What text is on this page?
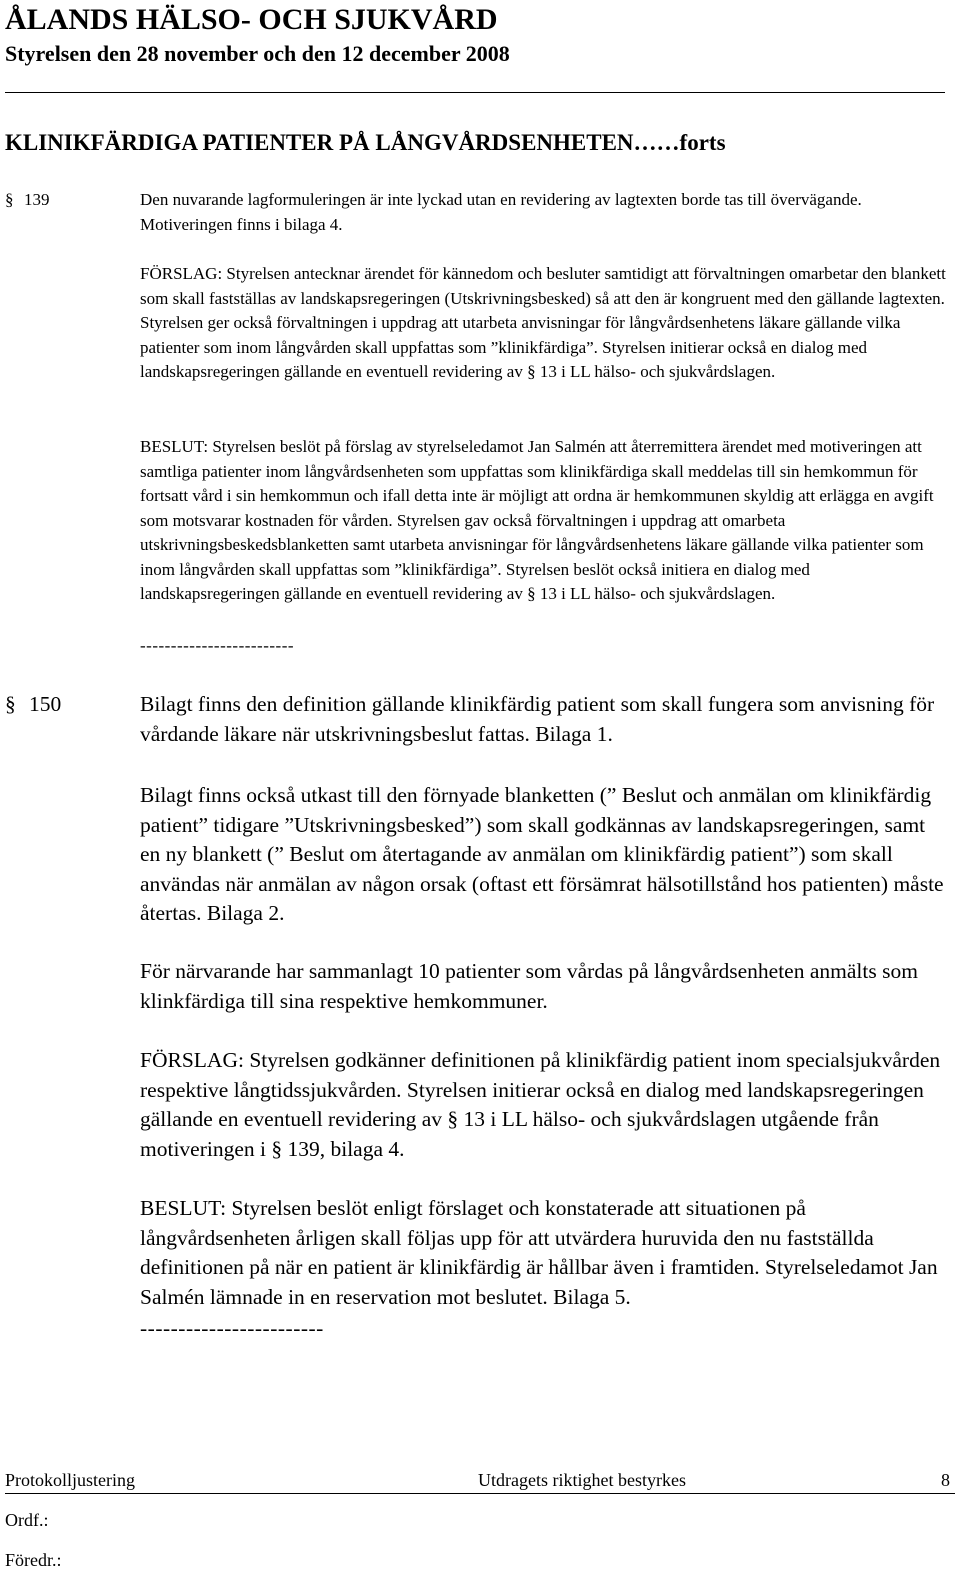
ÅLANDS HÄLSO- OCH SJUKVÅRD
Styrelsen den 28 november och den 12 december 2008
KLINIKFÄRDIGA PATIENTER PÅ LÅNGVÅRDSENHETEN……forts
§ 139	Den nuvarande lagformuleringen är inte lyckad utan en revidering av lagtexten borde tas till övervägande. Motiveringen finns i bilaga 4.

FÖRSLAG: Styrelsen antecknar ärendet för kännedom och besluter samtidigt att förvaltningen omarbetar den blankett som skall fastställas av landskapsregeringen (Utskrivningsbesked) så att den är kongruent med den gällande lagtexten. Styrelsen ger också förvaltningen i uppdrag att utarbeta anvisningar för långvårdsenhetens läkare gällande vilka patienter som inom långvården skall uppfattas som ”klinikfärdiga”. Styrelsen initierar också en dialog med landskapsregeringen gällande en eventuell revidering av § 13 i LL hälso- och sjukvårdslagen.

BESLUT: Styrelsen beslöt på förslag av styrelseledamot Jan Salmén att återremittera ärendet med motiveringen att samtliga patienter inom långvårdsenheten som uppfattas som klinikfärdiga skall meddelas till sin hemkommun för fortsatt vård i sin hemkommun och ifall detta inte är möjligt att ordna är hemkommunen skyldig att erlägga en avgift som motsvarar kostnaden för vården. Styrelsen gav också förvaltningen i uppdrag att omarbeta utskrivningsbeskedsblanketten samt utarbeta anvisningar för långvårdsenhetens läkare gällande vilka patienter som inom långvården skall uppfattas som ”klinikfärdiga”. Styrelsen beslöt också initiera en dialog med landskapsregeringen gällande en eventuell revidering av § 13 i LL hälso- och sjukvårdslagen.

-------------------------
§ 150	Bilagt finns den definition gällande klinikfärdig patient som skall fungera som anvisning för vårdande läkare när utskrivningsbeslut fattas. Bilaga 1.

Bilagt finns också utkast till den förnyade blanketten (” Beslut och anmälan om klinikfärdig patient” tidigare ”Utskrivningsbesked”) som skall godkännas av landskapsregeringen, samt en ny blankett (” Beslut om återtagande av anmälan om klinikfärdig patient”) som skall användas när anmälan av någon orsak (oftast ett försämrat hälsotillstånd hos patienten) måste återtas. Bilaga 2.

För närvarande har sammanlagt 10 patienter som vårdas på långvårdsenheten anmälts som klinkfärdiga till sina respektive hemkommuner.

FÖRSLAG: Styrelsen godkänner definitionen på klinikfärdig patient inom specialsjukvården respektive långtidssjukvården. Styrelsen initierar också en dialog med landskapsregeringen gällande en eventuell revidering av § 13 i LL hälso- och sjukvårdslagen utgående från motiveringen i § 139, bilaga 4.

BESLUT: Styrelsen beslöt enligt förslaget och konstaterade att situationen på långvårdsenheten årligen skall följas upp för att utvärdera huruvida den nu fastställda definitionen på när en patient är klinikfärdig är hållbar även i framtiden. Styrelseledamot Jan Salmén lämnade in en reservation mot beslutet. Bilaga 5.

------------------------
Protokolljustering	Utdragets riktighet bestyrkes	8
Ordf.:
Föredr.:
